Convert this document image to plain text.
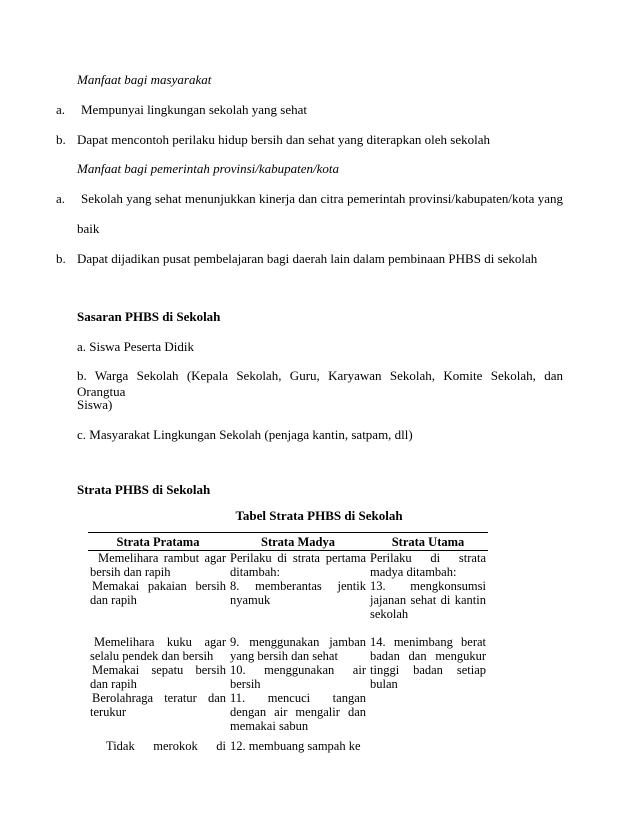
Manfaat bagi masyarakat
a. Mempunyai lingkungan sekolah yang sehat
b. Dapat mencontoh perilaku hidup bersih dan sehat yang diterapkan oleh sekolah
Manfaat bagi pemerintah provinsi/kabupaten/kota
a. Sekolah yang sehat menunjukkan kinerja dan citra pemerintah provinsi/kabupaten/kota yang
baik
b. Dapat dijadikan pusat pembelajaran bagi daerah lain dalam pembinaan PHBS di sekolah
Sasaran PHBS di Sekolah
a. Siswa Peserta Didik
b. Warga Sekolah (Kepala Sekolah, Guru, Karyawan Sekolah, Komite Sekolah, dan Orangtua
Siswa)
c. Masyarakat Lingkungan Sekolah (penjaga kantin, satpam, dll)
Strata PHBS di Sekolah
Tabel Strata PHBS di Sekolah
Strata Pratama	Strata Madya	Strata Utama
Memelihara rambut agar bersih dan rapih	Perilaku di strata pertama ditambah:	Perilaku di strata madya ditambah:
Memakai pakaian bersih dan rapih	8. memberantas jentik nyamuk	13. mengkonsumsi jajanan sehat di kantin sekolah
Memelihara kuku agar selalu pendek dan bersih	9. menggunakan jamban yang bersih dan sehat	14. menimbang berat badan dan mengukur tinggi badan setiap bulan
Memakai sepatu bersih dan rapih	10. menggunakan air bersih	
Berolahraga teratur dan terukur	11. mencuci tangan dengan air mengalir dan memakai sabun	
Tidak merokok di	12. membuang sampah ke	
